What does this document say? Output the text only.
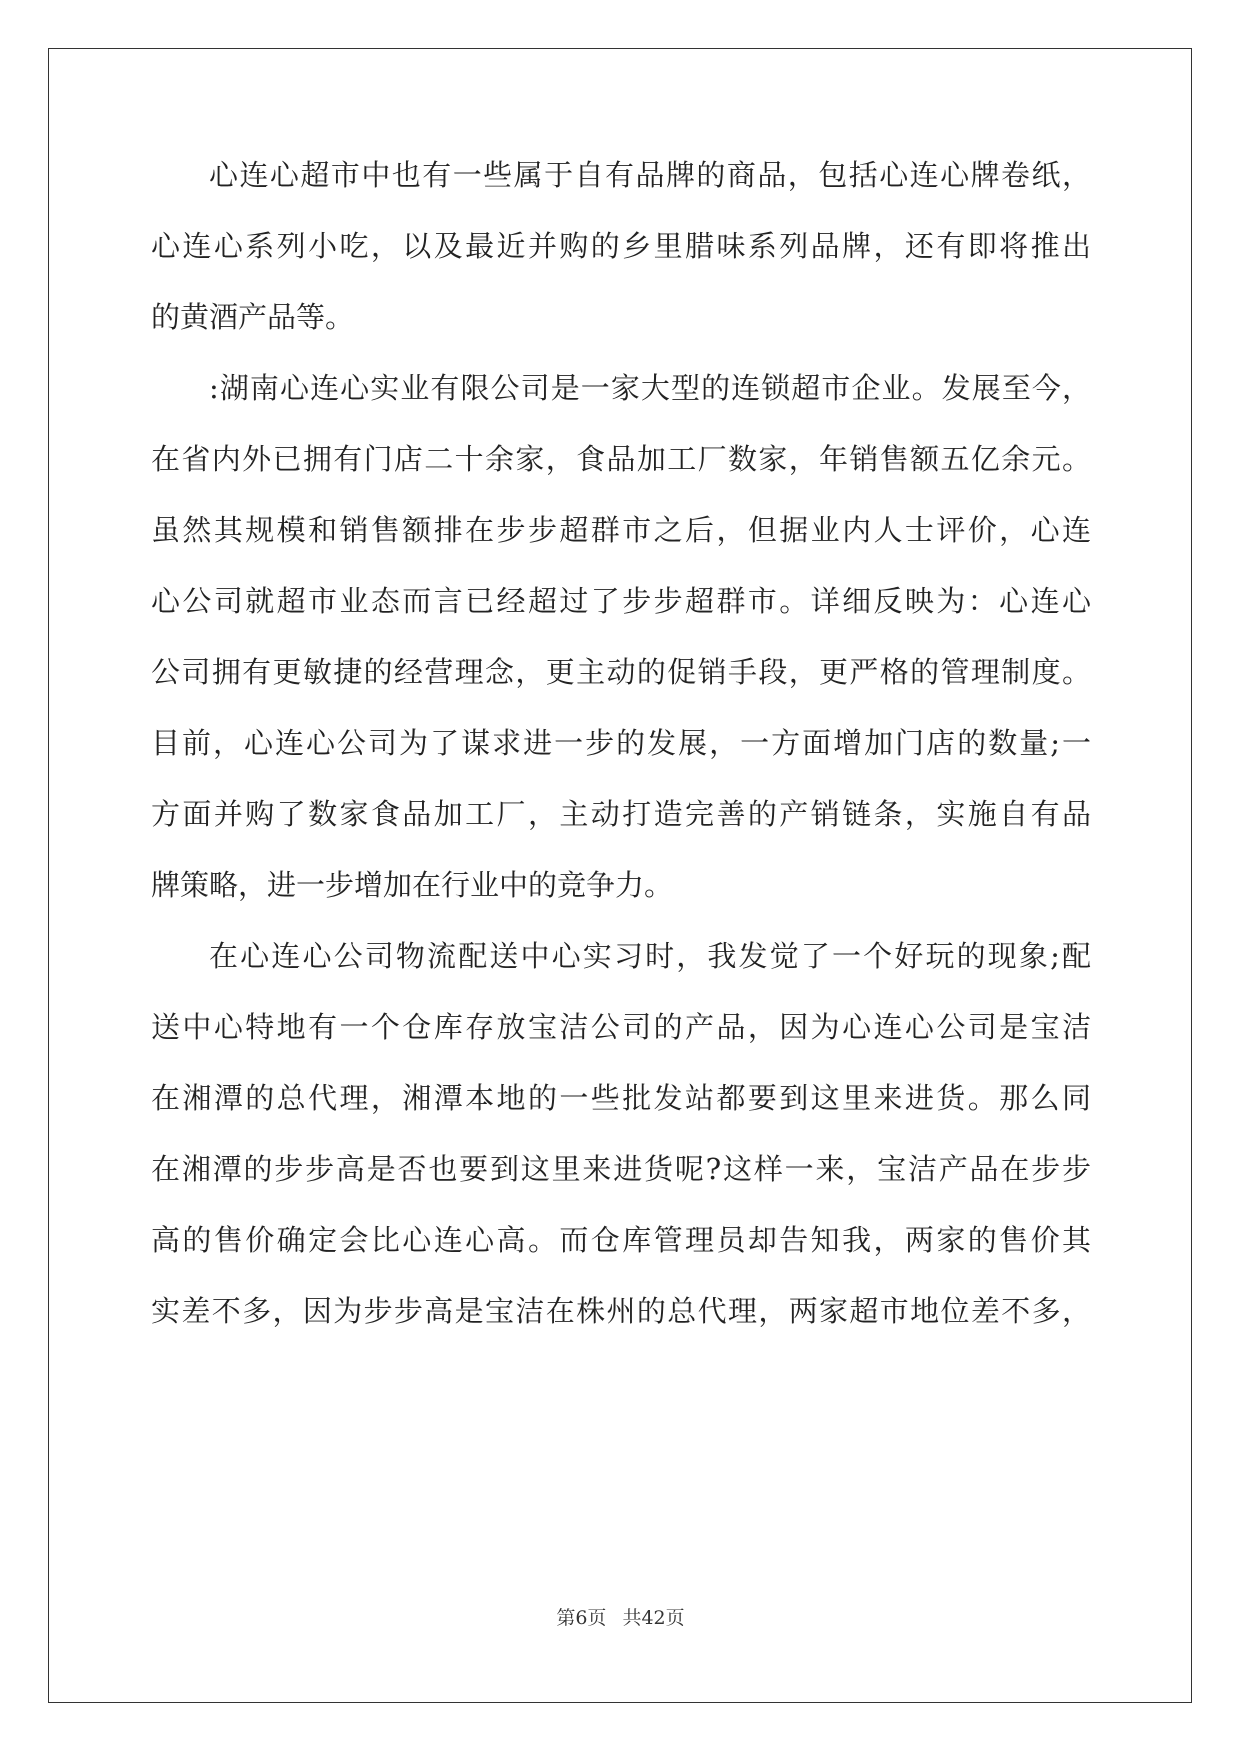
心连心超市中也有一些属于自有品牌的商品，包括心连心牌卷纸，
心连心系列小吃，以及最近并购的乡里腊味系列品牌，还有即将推出
的黄酒产品等。
:湖南心连心实业有限公司是一家大型的连锁超市企业。发展至今，
在省内外已拥有门店二十余家，食品加工厂数家，年销售额五亿余元。
虽然其规模和销售额排在步步超群市之后，但据业内人士评价，心连
心公司就超市业态而言已经超过了步步超群市。详细反映为：心连心
公司拥有更敏捷的经营理念，更主动的促销手段，更严格的管理制度。
目前，心连心公司为了谋求进一步的发展，一方面增加门店的数量;一
方面并购了数家食品加工厂，主动打造完善的产销链条，实施自有品
牌策略，进一步增加在行业中的竞争力。
在心连心公司物流配送中心实习时，我发觉了一个好玩的现象;配
送中心特地有一个仓库存放宝洁公司的产品，因为心连心公司是宝洁
在湘潭的总代理，湘潭本地的一些批发站都要到这里来进货。那么同
在湘潭的步步高是否也要到这里来进货呢?这样一来，宝洁产品在步步
高的售价确定会比心连心高。而仓库管理员却告知我，两家的售价其
实差不多，因为步步高是宝洁在株州的总代理，两家超市地位差不多，
第6页 共42页
